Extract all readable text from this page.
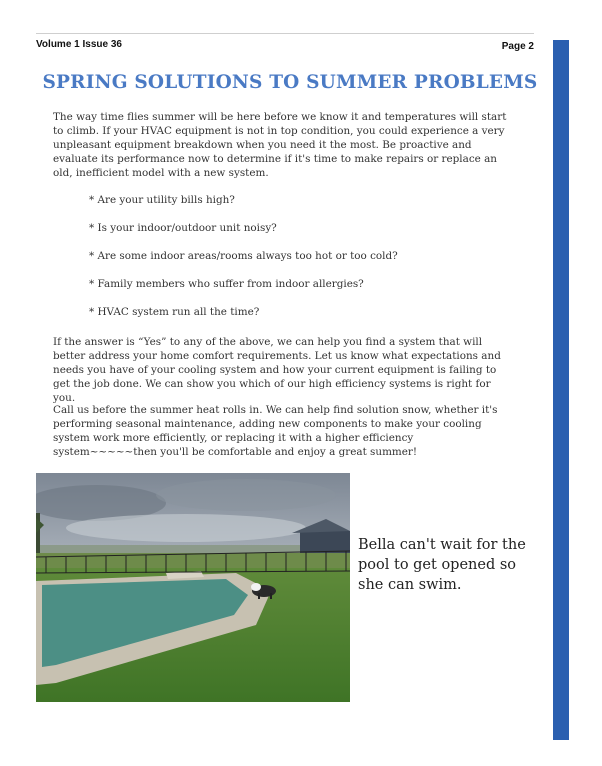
Volume 1 Issue 36	Page 2
SPRING SOLUTIONS TO SUMMER PROBLEMS

The way time flies summer will be here before we know it and temperatures will start to climb. If your HVAC equipment is not in top condition, you could experience a very unpleasant equipment breakdown when you need it the most. Be proactive and evaluate its performance now to determine if it's time to make repairs or replace an old, inefficient model with a new system.

* Are your utility bills high?
* Is your indoor/outdoor unit noisy?
* Are some indoor areas/rooms always too hot or too cold?
* Family members who suffer from indoor allergies?
* HVAC system run all the time?

If the answer is “Yes” to any of the above, we can help you find a system that will better address your home comfort requirements. Let us know what expectations and needs you have of your cooling system and how your current equipment is failing to get the job done. We can show you which of our high efficiency systems is right for you.

Call us before the summer heat rolls in. We can help find solution snow, whether it's performing seasonal maintenance, adding new components to make your cooling system work more efficiently, or replacing it with a higher efficiency system~~~~~then you'll be comfortable and enjoy a great summer!

Bella can't wait for the pool to get opened so she can swim.
